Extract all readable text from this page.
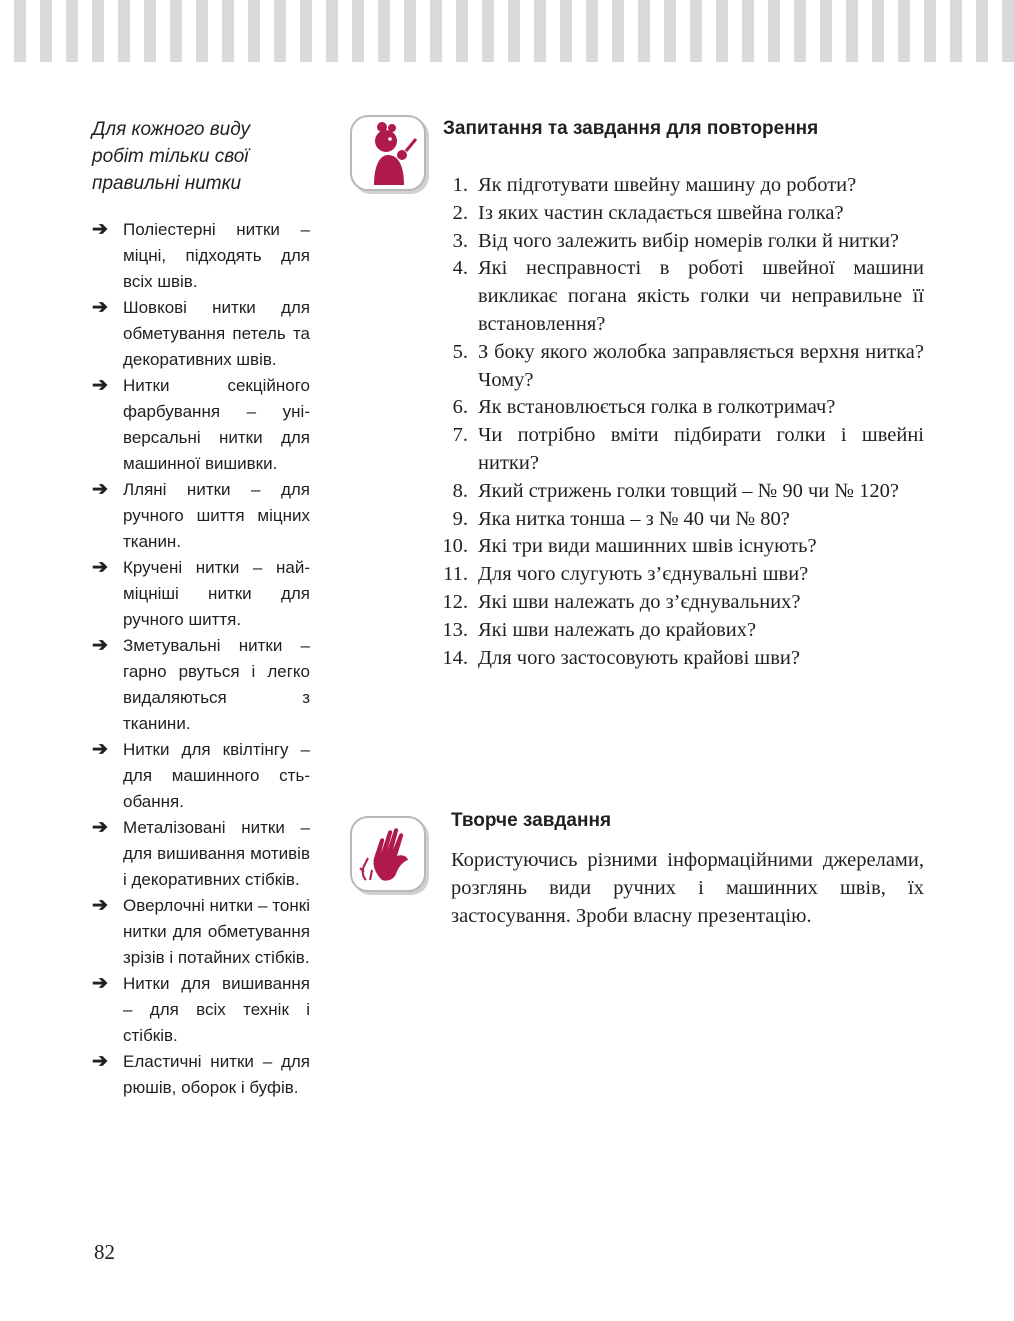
Для кожного виду
робіт тільки свої
правильні нитки

➔ Поліестерні нитки – міцні, підходять для всіх швів.
➔ Шовкові нитки для обметування петель та декоративних швів.
➔ Нитки секційного фарбування – універсальні нитки для машинної вишивки.
➔ Лляні нитки – для ручного шиття міцних тканин.
➔ Кручені нитки – найміцніші нитки для ручного шиття.
➔ Зметувальні нитки – гарно рвуться і легко видаляються з тканини.
➔ Нитки для квілтінгу – для машинного стьобання.
➔ Металізовані нитки – для вишивання мотивів і декоративних стібків.
➔ Оверлочні нитки – тонкі нитки для обметування зрізів і потайних стібків.
➔ Нитки для вишивання – для всіх технік і стібків.
➔ Еластичні нитки – для рюшів, оборок і буфів.
Запитання та завдання для повторення
1. Як підготувати швейну машину до роботи?
2. Із яких частин складається швейна голка?
3. Від чого залежить вибір номерів голки й нитки?
4. Які несправності в роботі швейної машини викликає погана якість голки чи неправильне її встановлення?
5. З боку якого жолобка заправляється верхня нитка? Чому?
6. Як встановлюється голка в голкотримач?
7. Чи потрібно вміти підбирати голки і швейні нитки?
8. Який стрижень голки товщий – № 90 чи № 120?
9. Яка нитка тонша – з № 40 чи № 80?
10. Які три види машинних швів існують?
11. Для чого слугують з’єднувальні шви?
12. Які шви належать до з’єднувальних?
13. Які шви належать до крайових?
14. Для чого застосовують крайові шви?
Творче завдання

Користуючись різними інформаційними джерелами, розглянь види ручних і машинних швів, їх застосування. Зроби власну презентацію.

82
